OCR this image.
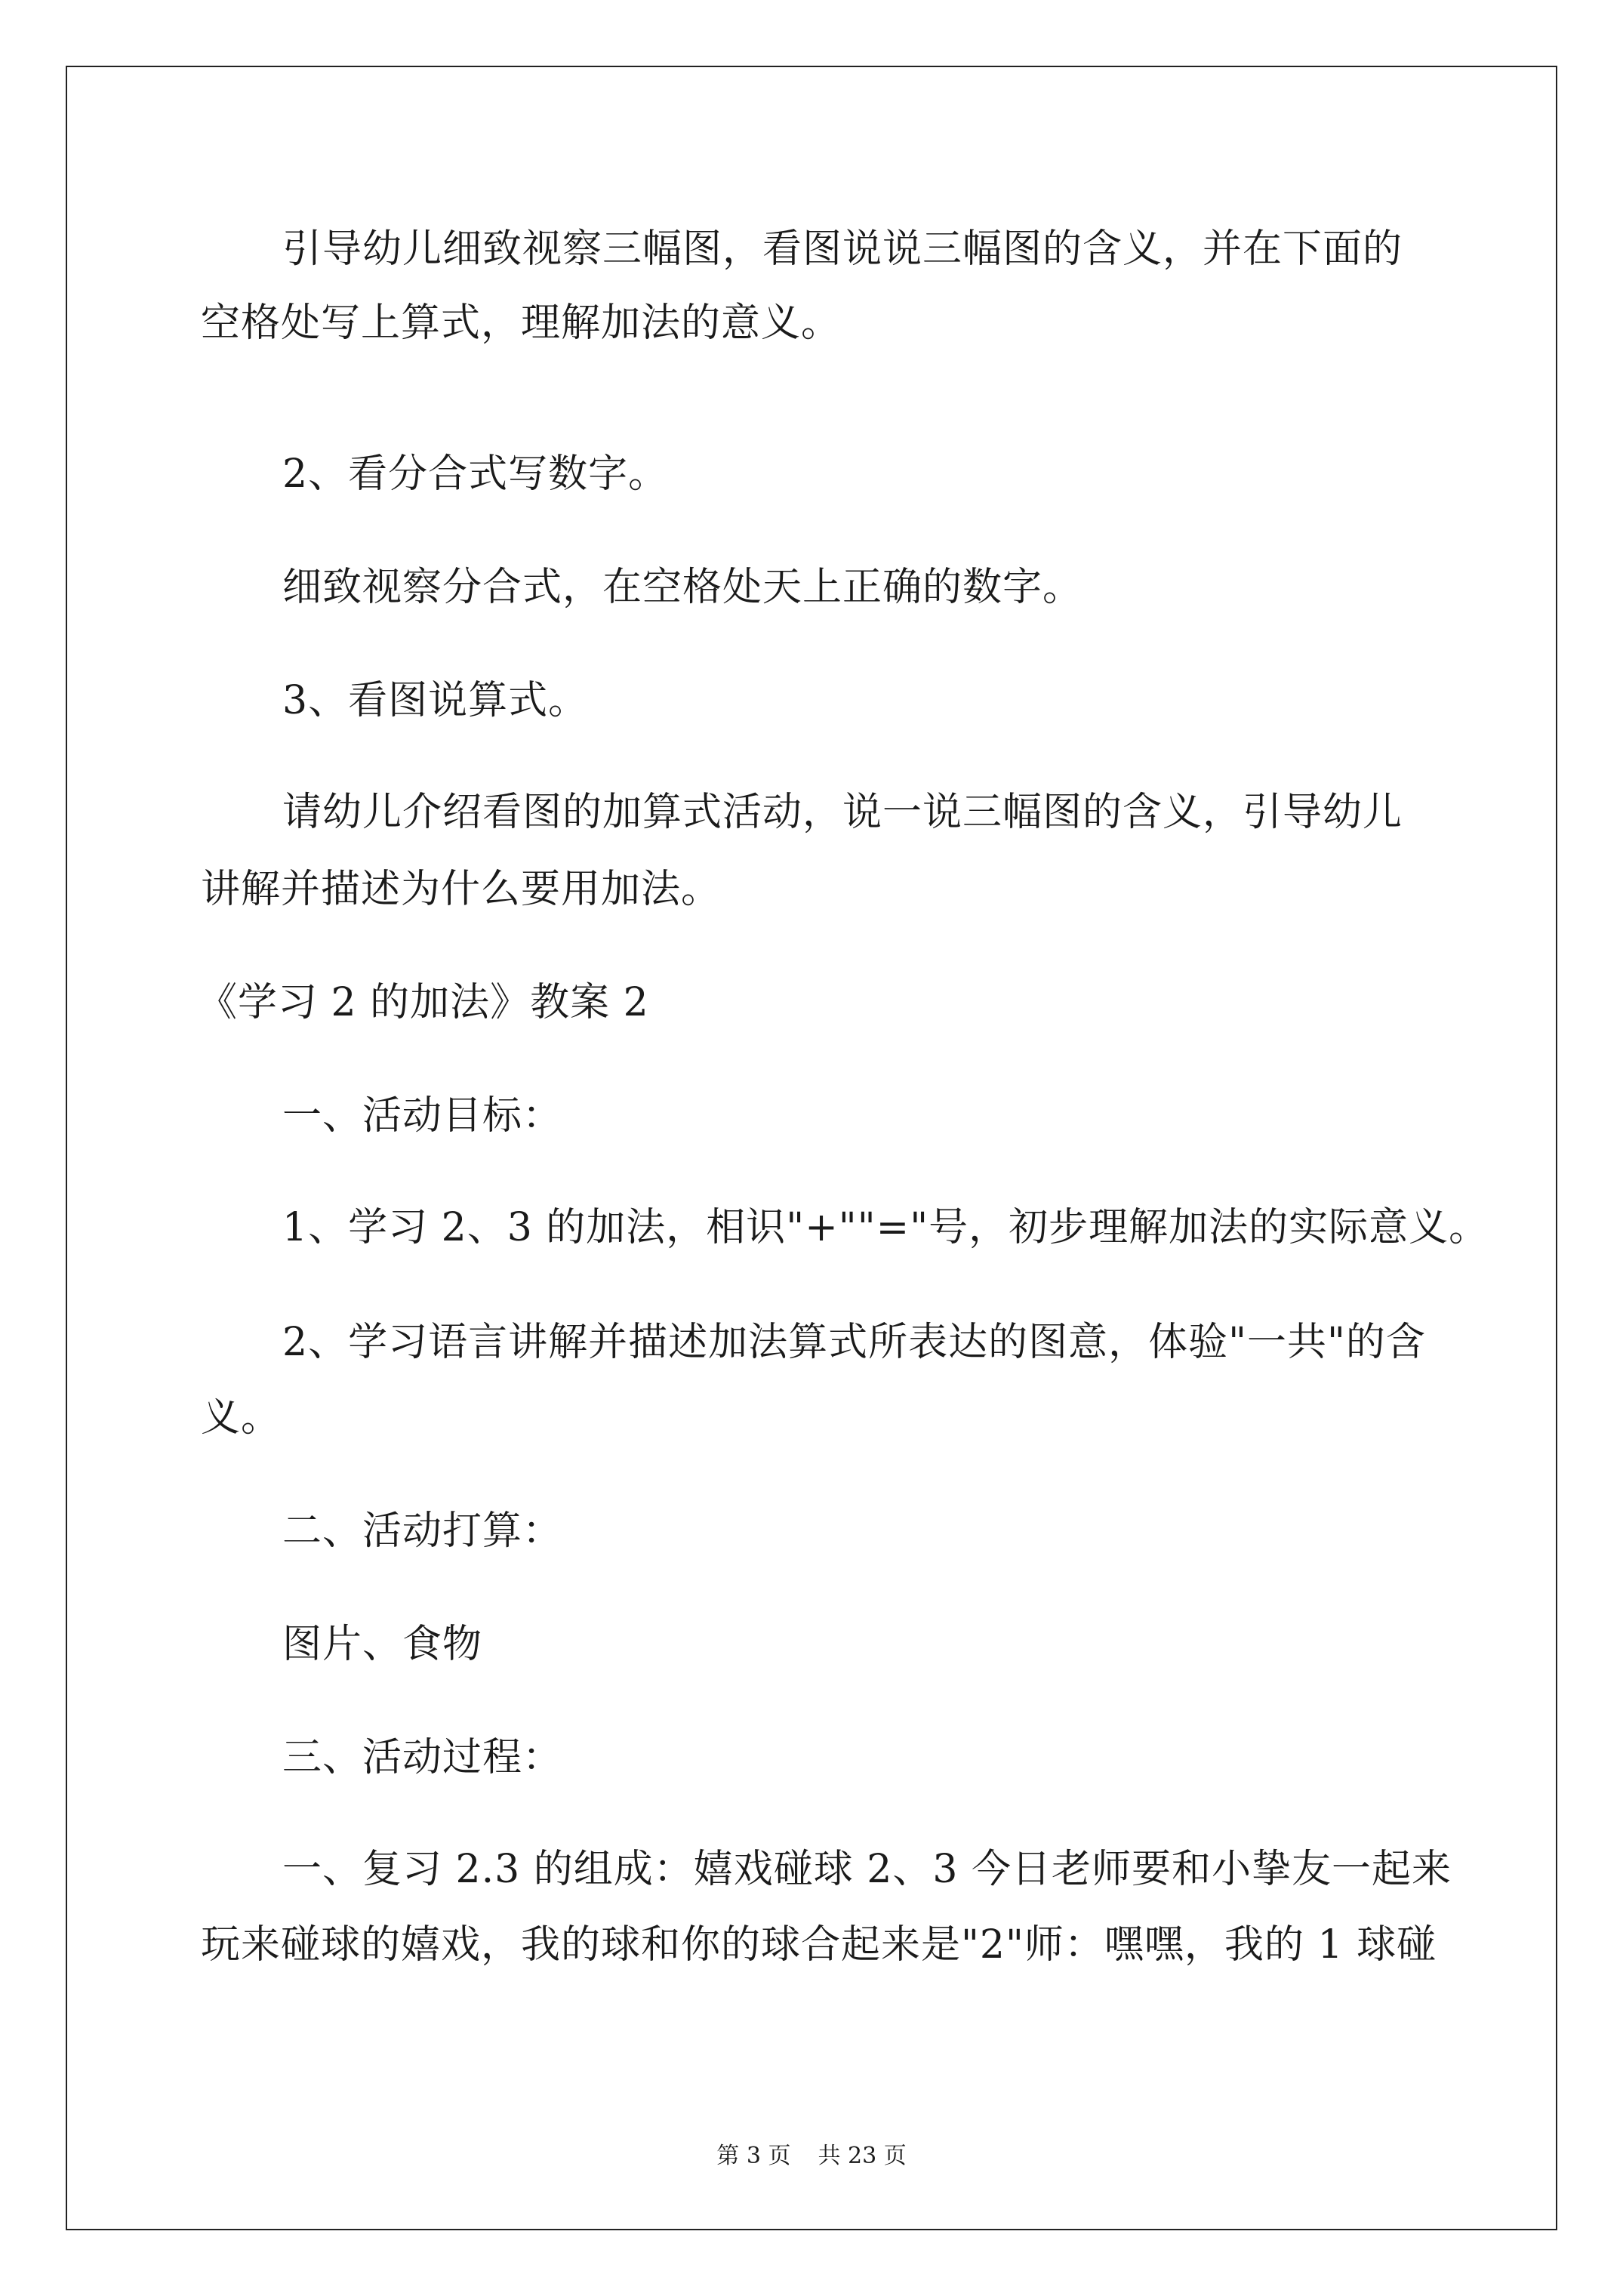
引导幼儿细致视察三幅图，看图说说三幅图的含义，并在下面的
空格处写上算式，理解加法的意义。
2、看分合式写数字。
细致视察分合式，在空格处天上正确的数字。
3、看图说算式。
请幼儿介绍看图的加算式活动，说一说三幅图的含义，引导幼儿
讲解并描述为什么要用加法。
《学习 2 的加法》教案 2
一、活动目标：
1、学习 2、3 的加法，相识"+""="号，初步理解加法的实际意义。
2、学习语言讲解并描述加法算式所表达的图意，体验"一共"的含
义。
二、活动打算：
图片、食物
三、活动过程：
一、复习 2.3 的组成：嬉戏碰球 2、3 今日老师要和小挚友一起来
玩来碰球的嬉戏，我的球和你的球合起来是"2"师：嘿嘿，我的 1 球碰
第 3 页 共 23 页
